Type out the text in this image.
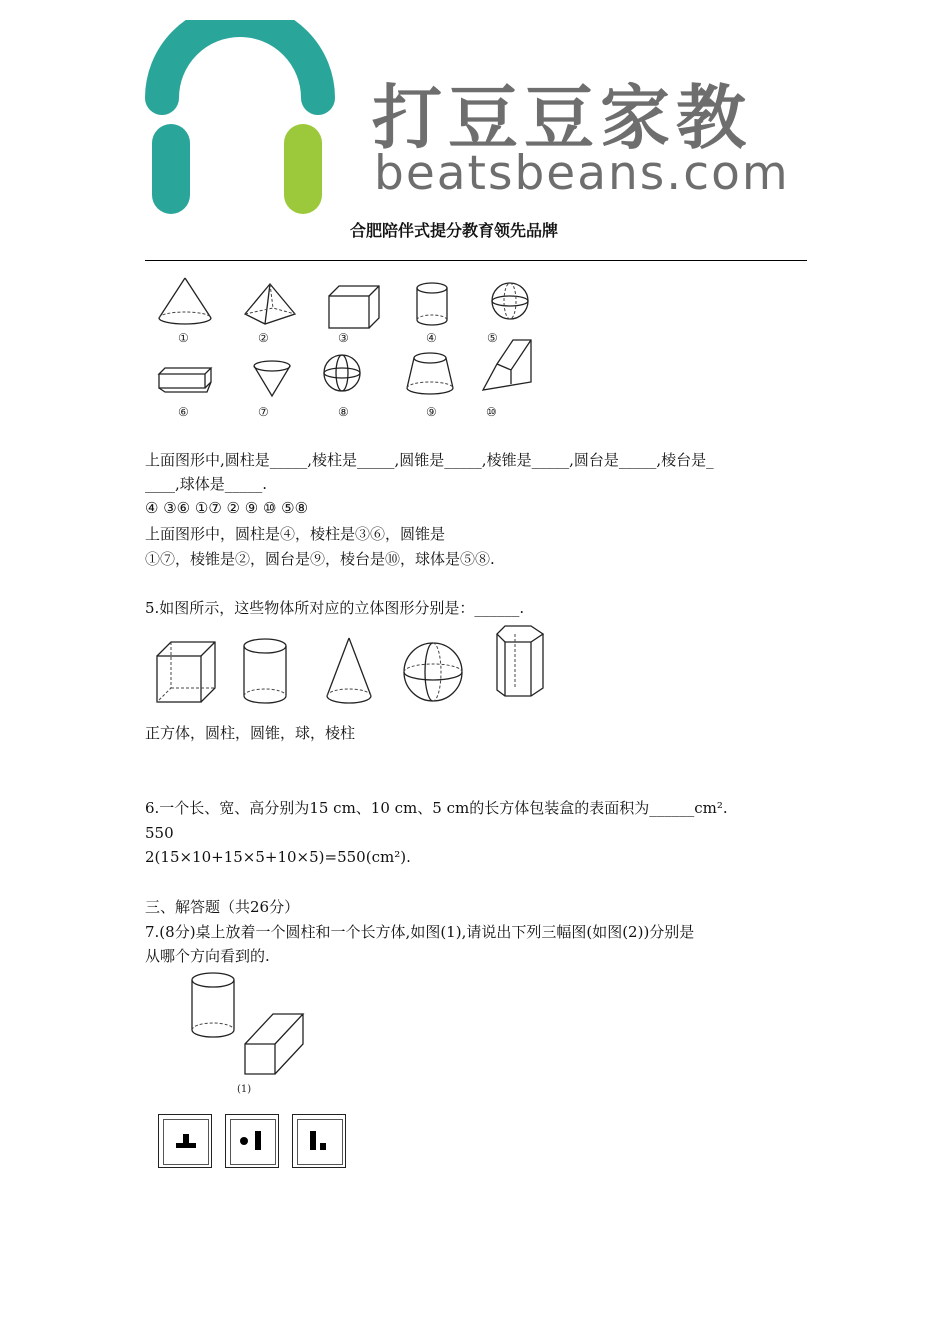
打豆豆家教
beatsbeans.com
合肥陪伴式提分教育领先品牌
①	②	③	④	⑤
⑥	⑦	⑧	⑨	⑩
上面图形中,圆柱是_____,棱柱是_____,圆锥是_____,棱锥是_____,圆台是_____,棱台是_
____,球体是_____.
④ ③⑥ ①⑦ ② ⑨ ⑩ ⑤⑧
上面图形中，圆柱是④，棱柱是③⑥，圆锥是
①⑦，棱锥是②，圆台是⑨，棱台是⑩，球体是⑤⑧.
5.如图所示，这些物体所对应的立体图形分别是：______.
正方体，圆柱，圆锥，球，棱柱
6.一个长、宽、高分别为15 cm、10 cm、5 cm的长方体包装盒的表面积为______cm².
550
2(15×10+15×5+10×5)=550(cm²).
三、解答题（共26分）
7.(8分)桌上放着一个圆柱和一个长方体,如图(1),请说出下列三幅图(如图(2))分别是
从哪个方向看到的.
(1)
